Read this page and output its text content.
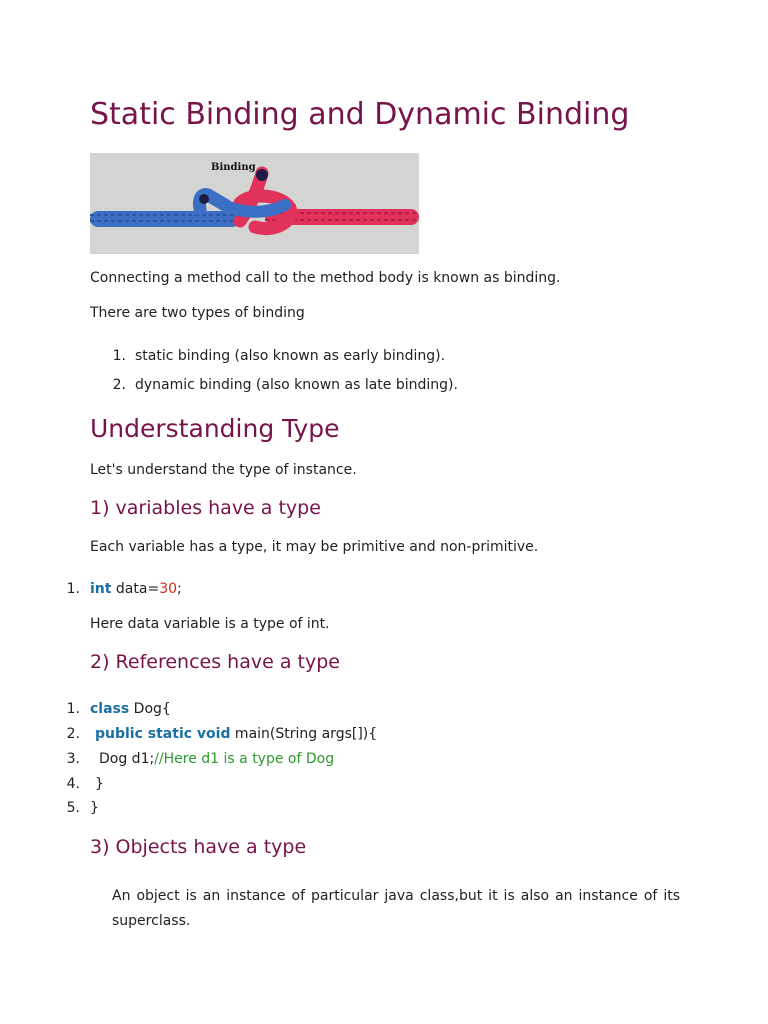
Static Binding and Dynamic Binding
Binding

Connecting a method call to the method body is known as binding.

There are two types of binding

1. static binding (also known as early binding).
2. dynamic binding (also known as late binding).
Understanding Type

Let's understand the type of instance.

1) variables have a type

Each variable has a type, it may be primitive and non-primitive.

1. int data=30;

Here data variable is a type of int.

2) References have a type
1. class Dog{
2. public static void main(String args[]){
3. Dog d1;//Here d1 is a type of Dog
4. }
5. }
3) Objects have a type

An object is an instance of particular java class,but it is also an instance of its superclass.
